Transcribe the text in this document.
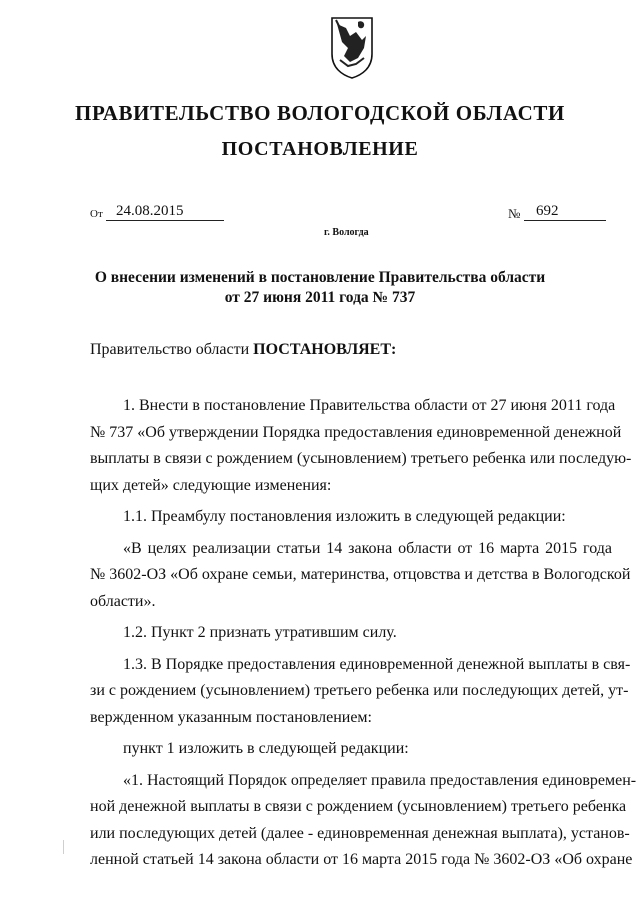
ПРАВИТЕЛЬСТВО ВОЛОГОДСКОЙ ОБЛАСТИ
ПОСТАНОВЛЕНИЕ
От 24.08.2015	№	692
г. Вологда
О внесении изменений в постановление Правительства области
от 27 июня 2011 года № 737
Правительство области ПОСТАНОВЛЯЕТ:

1. Внести в постановление Правительства области от 27 июня 2011 года
№ 737 «Об утверждении Порядка предоставления единовременной денежной
выплаты в связи с рождением (усыновлением) третьего ребенка или последую-
щих детей» следующие изменения:

1.1. Преамбулу постановления изложить в следующей редакции:

«В целях реализации статьи 14 закона области от 16 марта 2015 года
№ 3602-ОЗ «Об охране семьи, материнства, отцовства и детства в Вологодской
области».

1.2. Пункт 2 признать утратившим силу.

1.3. В Порядке предоставления единовременной денежной выплаты в свя-
зи с рождением (усыновлением) третьего ребенка или последующих детей, ут-
вержденном указанным постановлением:

пункт 1 изложить в следующей редакции:

«1. Настоящий Порядок определяет правила предоставления единовремен-
ной денежной выплаты в связи с рождением (усыновлением) третьего ребенка
или последующих детей (далее - единовременная денежная выплата), установ-
ленной статьей 14 закона области от 16 марта 2015 года № 3602-ОЗ «Об охране
